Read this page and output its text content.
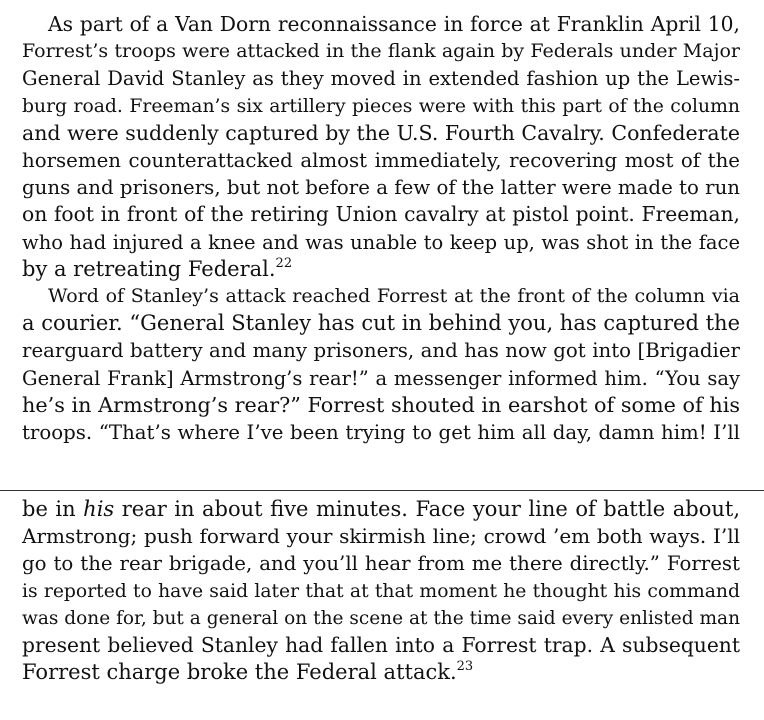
As part of a Van Dorn reconnaissance in force at Franklin April 10,
Forrest’s troops were attacked in the flank again by Federals under Major
General David Stanley as they moved in extended fashion up the Lewis-
burg road. Freeman’s six artillery pieces were with this part of the column
and were suddenly captured by the U.S. Fourth Cavalry. Confederate
horsemen counterattacked almost immediately, recovering most of the
guns and prisoners, but not before a few of the latter were made to run
on foot in front of the retiring Union cavalry at pistol point. Freeman,
who had injured a knee and was unable to keep up, was shot in the face
by a retreating Federal.$^{22}$
Word of Stanley’s attack reached Forrest at the front of the column via
a courier. “General Stanley has cut in behind you, has captured the
rearguard battery and many prisoners, and has now got into [Brigadier
General Frank] Armstrong’s rear!” a messenger informed him. “You say
he’s in Armstrong’s rear?” Forrest shouted in earshot of some of his
troops. “That’s where I’ve been trying to get him all day, damn him! I’ll
be in his rear in about five minutes. Face your line of battle about,
Armstrong; push forward your skirmish line; crowd ’em both ways. I’ll
go to the rear brigade, and you’ll hear from me there directly.” Forrest
is reported to have said later that at that moment he thought his command
was done for, but a general on the scene at the time said every enlisted man
present believed Stanley had fallen into a Forrest trap. A subsequent
Forrest charge broke the Federal attack.$^{23}$
